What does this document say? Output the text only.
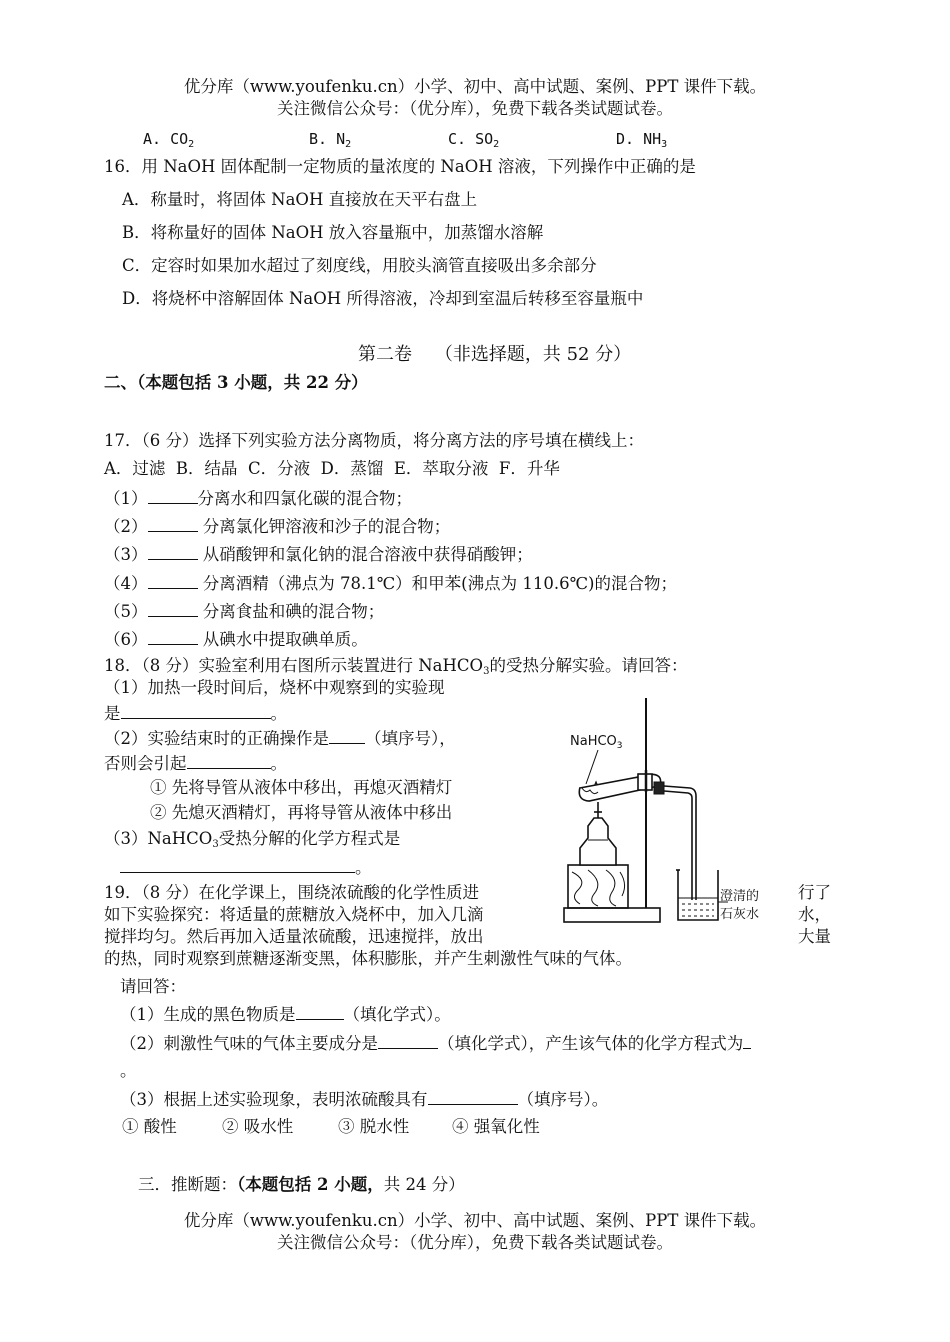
优分库（www.youfenku.cn）小学、初中、高中试题、案例、PPT 课件下载。
关注微信公众号：（优分库），免费下载各类试题试卷。
A. $CO_2$	B. $N_2$	C. $SO_2$	D. $NH_3$
16．用 NaOH 固体配制一定物质的量浓度的 NaOH 溶液，下列操作中正确的是
A．称量时，将固体 NaOH 直接放在天平右盘上
B．将称量好的固体 NaOH 放入容量瓶中，加蒸馏水溶解
C．定容时如果加水超过了刻度线，用胶头滴管直接吸出多余部分
D．将烧杯中溶解固体 NaOH 所得溶液，冷却到室温后转移至容量瓶中
第二卷    （非选择题，共 52 分）
二、（本题包括 3 小题，共 22 分）
17．（6 分）选择下列实验方法分离物质，将分离方法的序号填在横线上：
A．过滤  B．结晶  C．分液  D．蒸馏  E．萃取分液  F．升华
（1）	分离水和四氯化碳的混合物；
（2）	分离氯化钾溶液和沙子的混合物；
（3）	从硝酸钾和氯化钠的混合溶液中获得硝酸钾；
（4）	分离酒精（沸点为 78.1℃）和甲苯(沸点为 110.6℃)的混合物；
（5）	分离食盐和碘的混合物；
（6）	从碘水中提取碘单质。
18．（8 分）实验室利用右图所示装置进行 NaHCO$_3$的受热分解实验。请回答：
（1）加热一段时间后，烧杯中观察到的实验现
是	。
（2）实验结束时的正确操作是 （填序号），
否则会引起	。
① 先将导管从液体中移出，再熄灭酒精灯
② 先熄灭酒精灯，再将导管从液体中移出
（3）NaHCO$_3$受热分解的化学方程式是
。
NaHCO$_3$
澄清的
石灰水
19．（8 分）在化学课上，围绕浓硫酸的化学性质进	行了
如下实验探究：将适量的蔗糖放入烧杯中，加入几滴	水，
搅拌均匀。然后再加入适量浓硫酸，迅速搅拌，放出	大量
的热，同时观察到蔗糖逐渐变黑，体积膨胀，并产生刺激性气味的气体。
请回答：
（1）生成的黑色物质是	（填化学式）。
（2）刺激性气味的气体主要成分是	（填化学式），产生该气体的化学方程式为
。
（3）根据上述实验现象，表明浓硫酸具有	（填序号）。
① 酸性	② 吸水性	③ 脱水性	④ 强氧化性
三．推断题：（本题包括 2 小题，共 24 分）
优分库（www.youfenku.cn）小学、初中、高中试题、案例、PPT 课件下载。
关注微信公众号：（优分库），免费下载各类试题试卷。
